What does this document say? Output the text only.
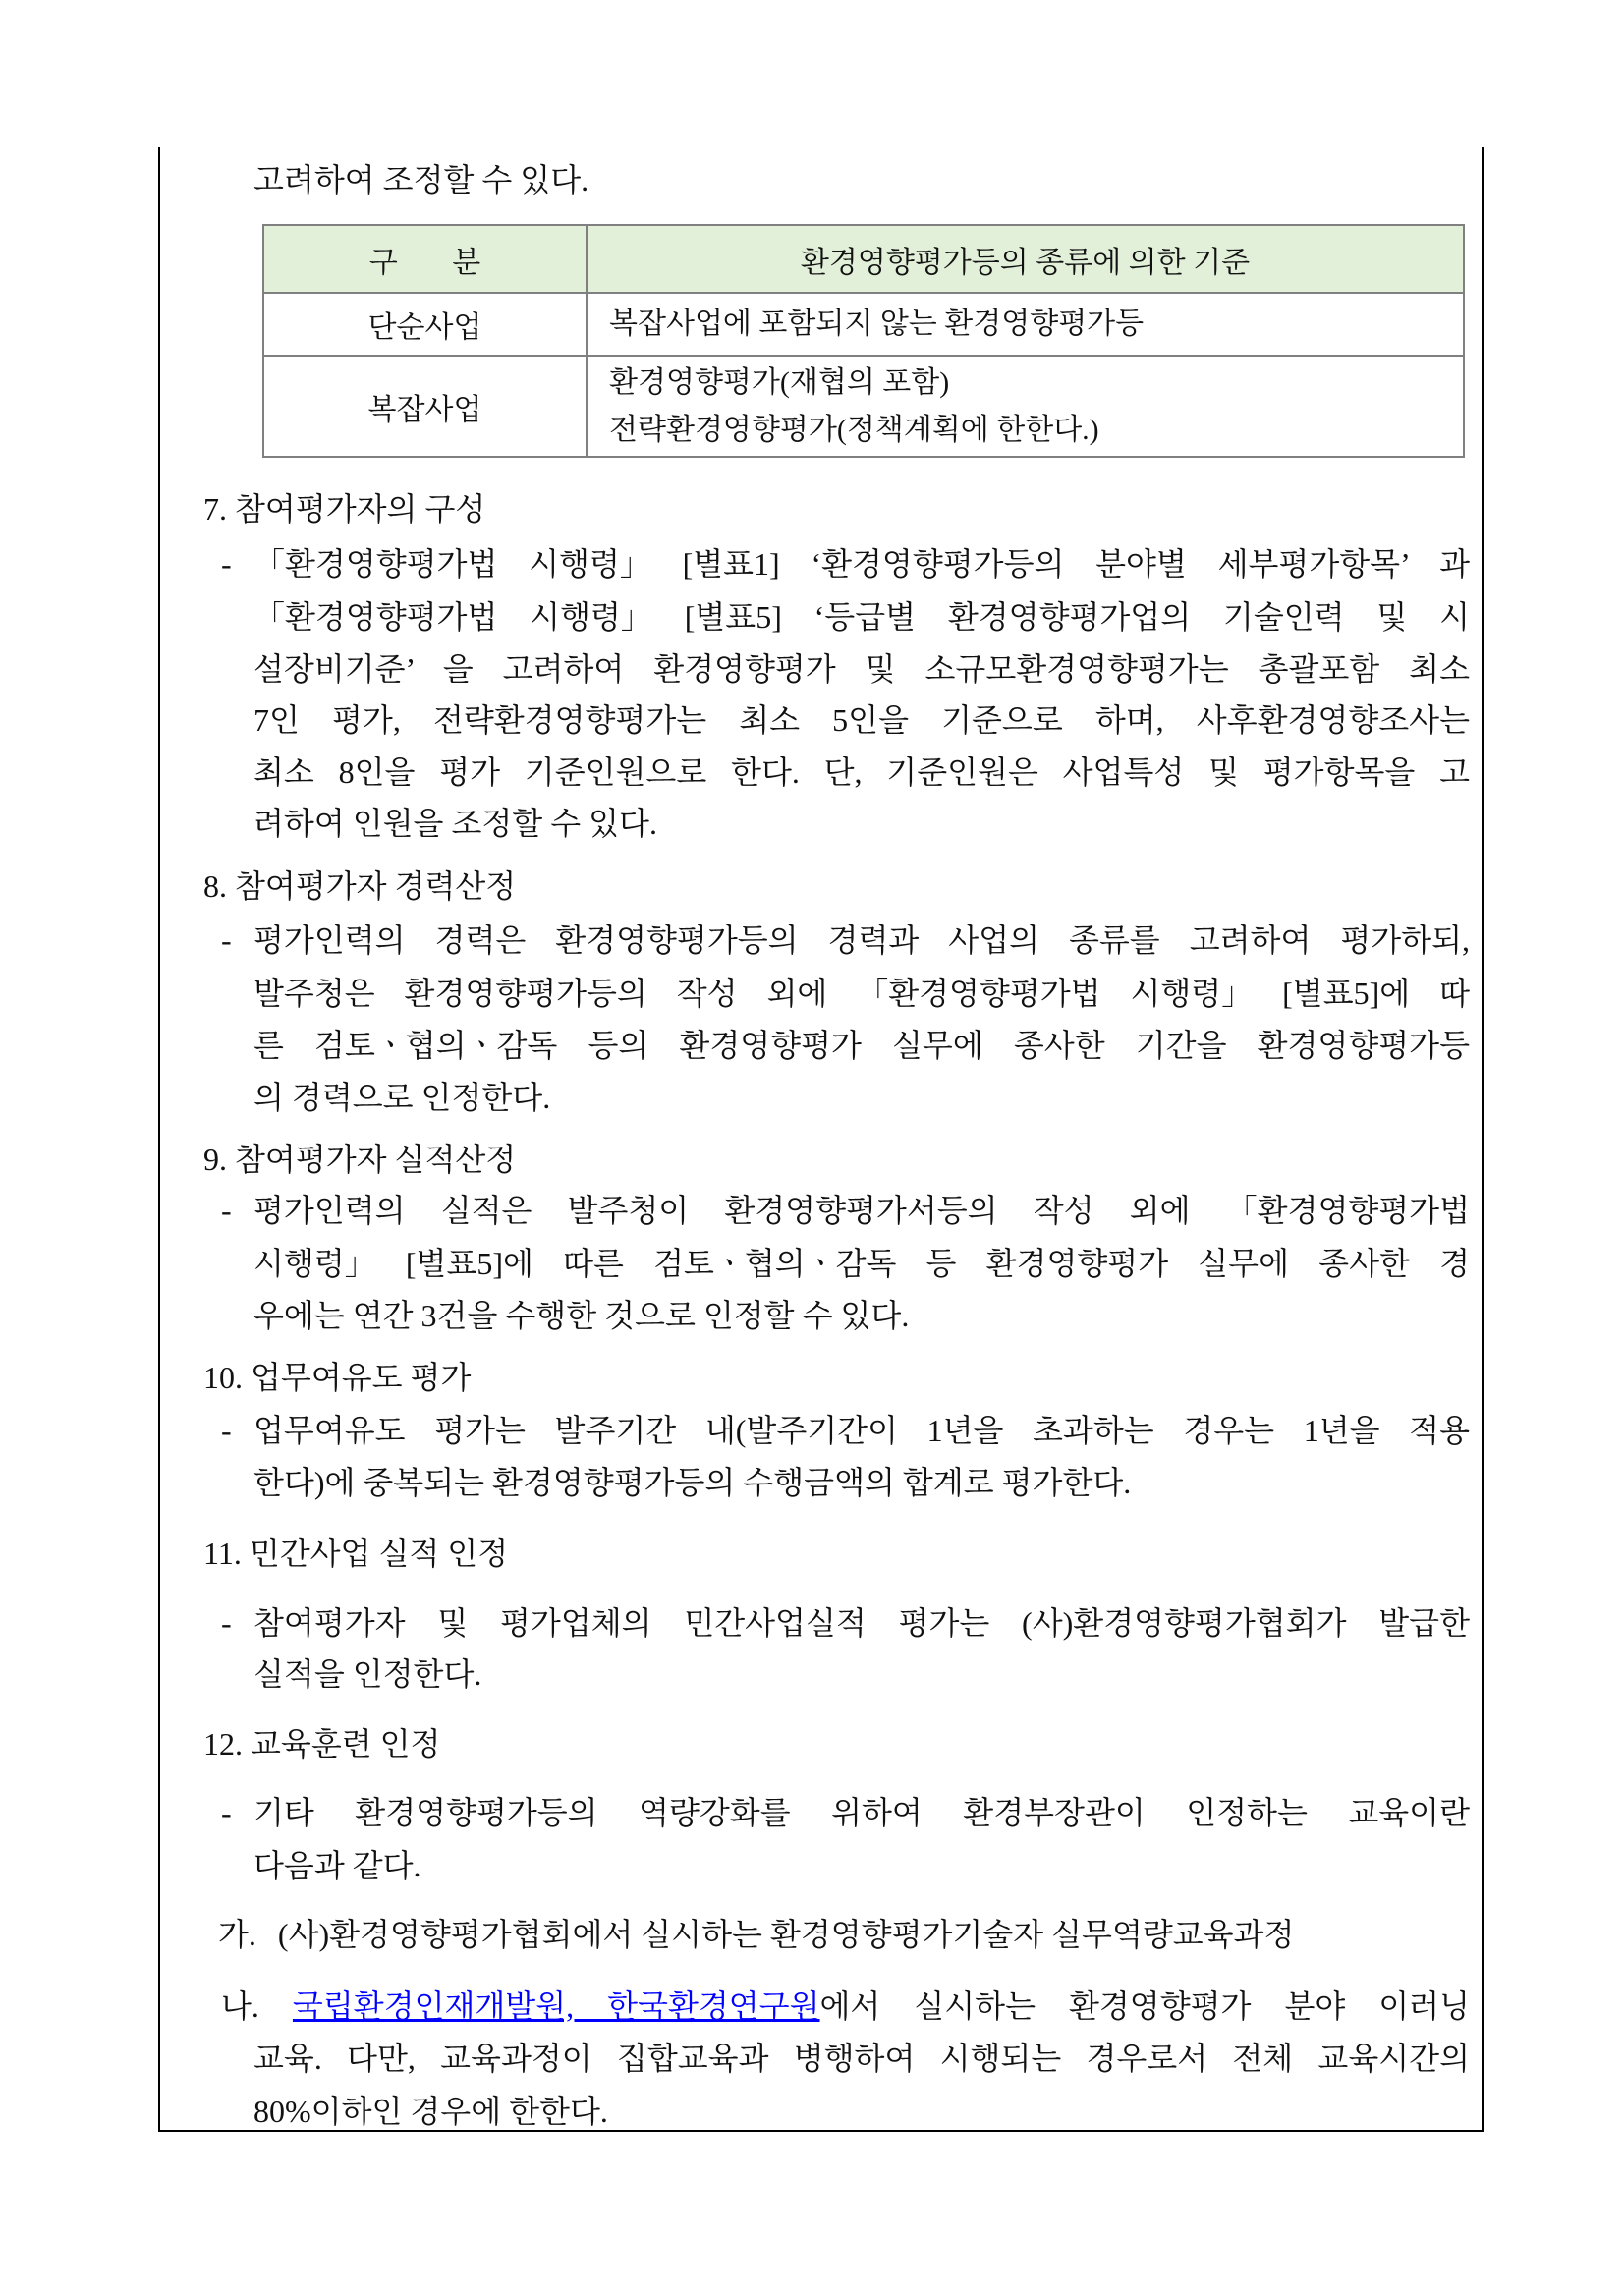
고려하여 조정할 수 있다.
구 분	환경영향평가등의 종류에 의한 기준
단순사업	복잡사업에 포함되지 않는 환경영향평가등

복잡사업	환경영향평가(재협의 포함)
전략환경영향평가(정책계획에 한한다.)
7. 참여평가자의 구성
- 「환경영향평가법 시행령」 [별표1] ‘환경영향평가등의 분야별 세부평가항목’ 과
「환경영향평가법 시행령」 [별표5] ‘등급별 환경영향평가업의 기술인력 및 시
설장비기준’ 을 고려하여 환경영향평가 및 소규모환경영향평가는 총괄포함 최소
7인 평가, 전략환경영향평가는 최소 5인을 기준으로 하며, 사후환경영향조사는
최소 8인을 평가 기준인원으로 한다. 단, 기준인원은 사업특성 및 평가항목을 고
려하여 인원을 조정할 수 있다.
8. 참여평가자 경력산정
- 평가인력의 경력은 환경영향평가등의 경력과 사업의 종류를 고려하여 평가하되,
발주청은 환경영향평가등의 작성 외에 「환경영향평가법 시행령」 [별표5]에 따
른 검토ㆍ협의ㆍ감독 등의 환경영향평가 실무에 종사한 기간을 환경영향평가등
의 경력으로 인정한다.
9. 참여평가자 실적산정
- 평가인력의 실적은 발주청이 환경영향평가서등의 작성 외에 「환경영향평가법
시행령」 [별표5]에 따른 검토ㆍ협의ㆍ감독 등 환경영향평가 실무에 종사한 경
우에는 연간 3건을 수행한 것으로 인정할 수 있다.
10. 업무여유도 평가
- 업무여유도 평가는 발주기간 내(발주기간이 1년을 초과하는 경우는 1년을 적용
한다)에 중복되는 환경영향평가등의 수행금액의 합계로 평가한다.
11. 민간사업 실적 인정
- 참여평가자 및 평가업체의 민간사업실적 평가는 (사)환경영향평가협회가 발급한
실적을 인정한다.
12. 교육훈련 인정
- 기타 환경영향평가등의 역량강화를 위하여 환경부장관이 인정하는 교육이란
다음과 같다.
가. (사)환경영향평가협회에서 실시하는 환경영향평가기술자 실무역량교육과정
나. 국립환경인재개발원, 한국환경연구원에서 실시하는 환경영향평가 분야 이러닝
교육. 다만, 교육과정이 집합교육과 병행하여 시행되는 경우로서 전체 교육시간의
80%이하인 경우에 한한다.
